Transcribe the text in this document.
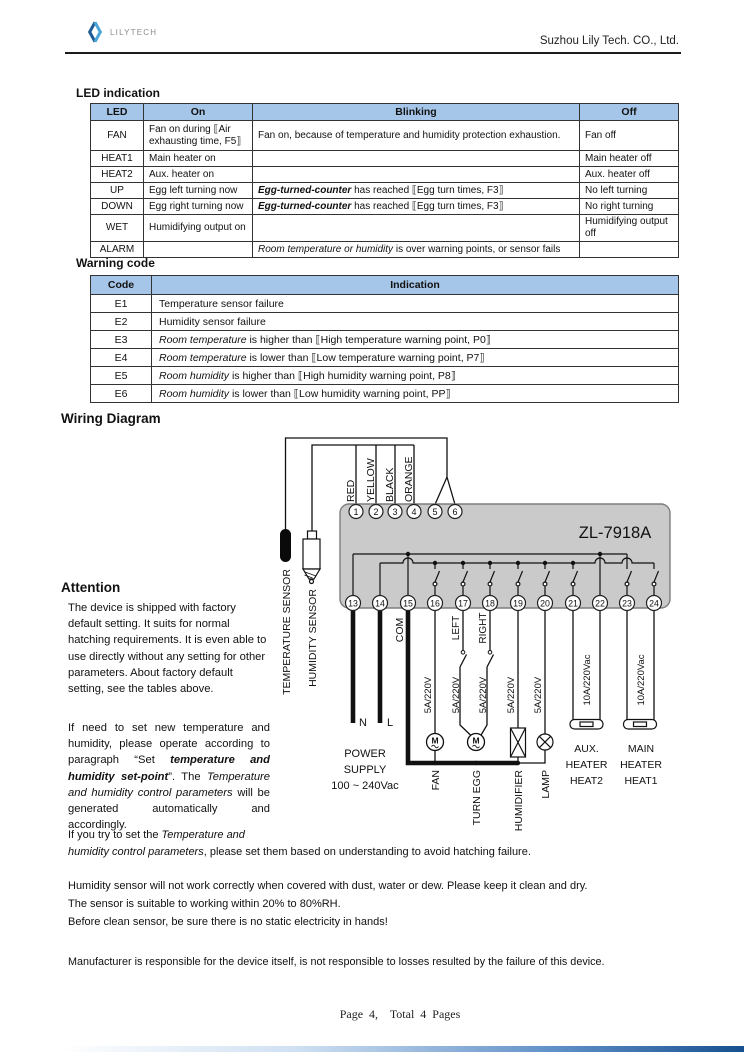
LILYTECH
Suzhou Lily Tech. CO., Ltd.
LED indication
LED	On	Blinking	Off
FAN	Fan on during ⟦Air exhausting time, F5⟧	Fan on, because of temperature and humidity protection exhaustion.	Fan off
HEAT1	Main heater on		Main heater off
HEAT2	Aux. heater on		Aux. heater off
UP	Egg left turning now	Egg-turned-counter has reached ⟦Egg turn times, F3⟧	No left turning
DOWN	Egg right turning now	Egg-turned-counter has reached ⟦Egg turn times, F3⟧	No right turning
WET	Humidifying output on		Humidifying output off
ALARM		Room temperature or humidity is over warning points, or sensor fails	
Warning code
Code	Indication
E1	Temperature sensor failure
E2	Humidity sensor failure
E3	Room temperature is higher than ⟦High temperature warning point, P0⟧
E4	Room temperature is lower than ⟦Low temperature warning point, P7⟧
E5	Room humidity is higher than ⟦High humidity warning point, P8⟧
E6	Room humidity is lower than ⟦Low humidity warning point, PP⟧
Wiring Diagram
ZL-7918A
M	M
1 2 3 4 5 6
13 14 15 16 17 18 19 20 21 22 23 24
RED YELLOW BLACK ORANGE
TEMPERATURE SENSOR HUMIDITY SENSOR	COM	LEFT RIGHT
5A/220V 5A/220V 5A/220V 5A/220V 5A/220V	10A/220Vac	10A/220Vac
N L
POWER
SUPPLY
100 ~ 240Vac	FAN	TURN EGG	HUMIDIFIER LAMP
AUX.
HEATER
HEAT2
MAIN
HEATER
HEAT1
Attention
The device is shipped with factory default setting. It suits for normal hatching requirements. It is even able to use directly without any setting for other parameters. About factory default setting, see the tables above.
If need to set new temperature and humidity, please operate according to paragraph “Set temperature and humidity set-point”. The Temperature and humidity control parameters will be generated automatically and accordingly.
If you try to set the Temperature and
humidity control parameters, please set them based on understanding to avoid hatching failure.
Humidity sensor will not work correctly when covered with dust, water or dew. Please keep it clean and dry.
The sensor is suitable to working within 20% to 80%RH.
Before clean sensor, be sure there is no static electricity in hands!
Manufacturer is responsible for the device itself, is not responsible to losses resulted by the failure of this device.
Page 4,  Total 4 Pages
